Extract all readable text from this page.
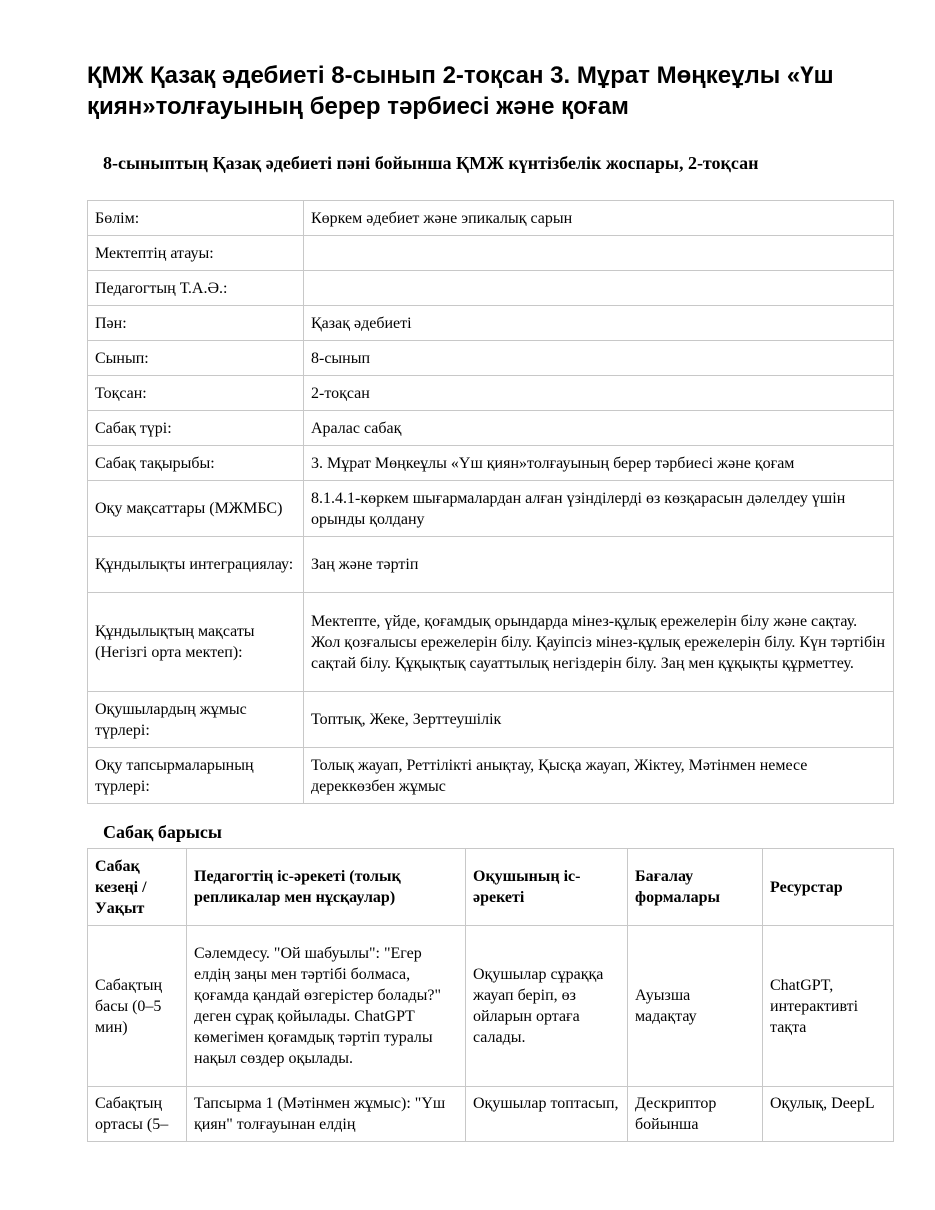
ҚМЖ Қазақ әдебиеті 8-сынып 2-тоқсан 3. Мұрат Мөңкеұлы «Үш қиян»толғауының берер тәрбиесі және қоғам
8-сыныптың Қазақ әдебиеті пәні бойынша ҚМЖ күнтізбелік жоспары, 2-тоқсан
Бөлім:	Көркем әдебиет және эпикалық сарын
Мектептің атауы:	
Педагогтың Т.А.Ә.:	
Пән:	Қазақ әдебиеті
Сынып:	8-сынып
Тоқсан:	2-тоқсан
Сабақ түрі:	Аралас сабақ
Сабақ тақырыбы:	3. Мұрат Мөңкеұлы «Үш қиян»толғауының берер тәрбиесі және қоғам
Оқу мақсаттары (МЖМБС)	8.1.4.1-көркем шығармалардан алған үзінділерді өз көзқарасын дәлелдеу үшін орынды қолдану
Құндылықты интеграциялау:	Заң және тәртіп
Құндылықтың мақсаты (Негізгі орта мектеп):	Мектепте, үйде, қоғамдық орындарда мінез-құлық ережелерін білу және сақтау. Жол қозғалысы ережелерін білу. Қауіпсіз мінез-құлық ережелерін білу. Күн тәртібін сақтай білу. Құқықтық сауаттылық негіздерін білу. Заң мен құқықты құрметтеу.
Оқушылардың жұмыс түрлері:	Топтық, Жеке, Зерттеушілік
Оқу тапсырмаларының түрлері:	Толық жауап, Реттілікті анықтау, Қысқа жауап, Жіктеу, Мәтінмен немесе дереккөзбен жұмыс
Сабақ барысы
Сабақ кезеңі / Уақыт	Педагогтің іс-әрекеті (толық репликалар мен нұсқаулар)	Оқушының іс-әрекеті	Бағалау формалары	Ресурстар
Сабақтың басы (0–5 мин)	Сәлемдесу. "Ой шабуылы": "Егер елдің заңы мен тәртібі болмаса, қоғамда қандай өзгерістер болады?" деген сұрақ қойылады. ChatGPT көмегімен қоғамдық тәртіп туралы нақыл сөздер оқылады.	Оқушылар сұраққа жауап беріп, өз ойларын ортаға салады.	Ауызша мадақтау	ChatGPT, интерактивті тақта
Сабақтың ортасы (5–	Тапсырма 1 (Мәтінмен жұмыс): "Үш қиян" толғауынан елдің	Оқушылар топтасып,	Дескриптор бойынша	Оқулық, DeepL
